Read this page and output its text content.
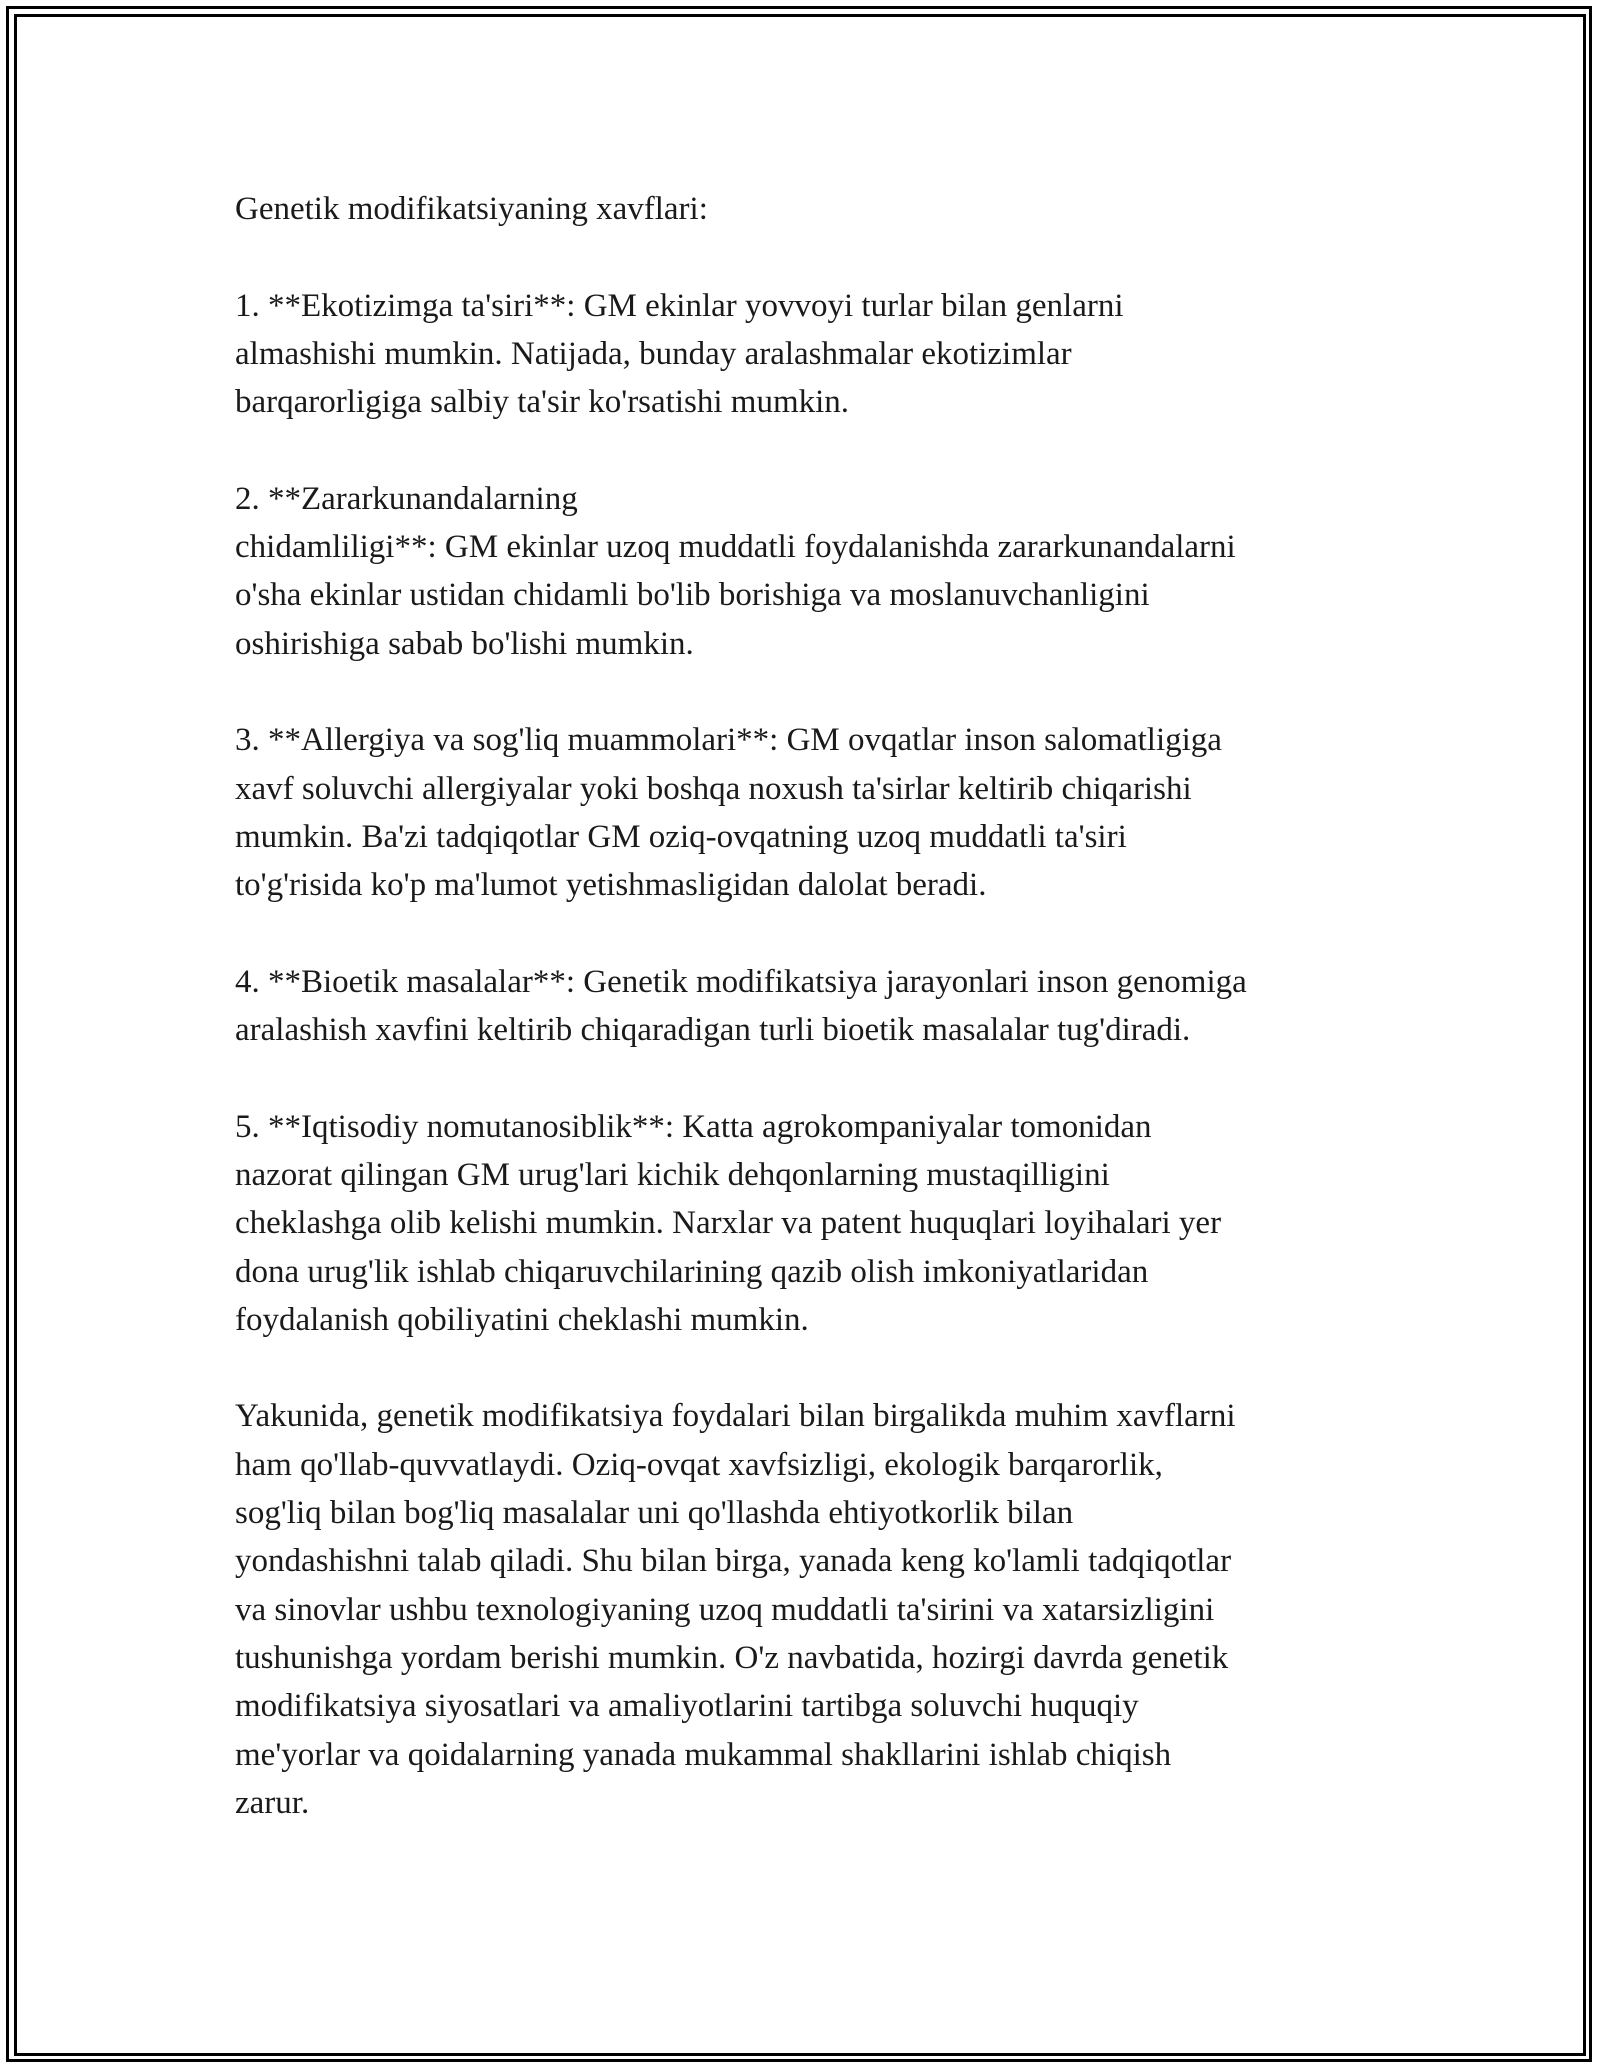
Genetik modifikatsiyaning xavflari:

1. **Ekotizimga ta'siri**: GM ekinlar yovvoyi turlar bilan genlarni
almashishi mumkin. Natijada, bunday aralashmalar ekotizimlar
barqarorligiga salbiy ta'sir ko'rsatishi mumkin.

2. **Zararkunandalarning
chidamliligi**: GM ekinlar uzoq muddatli foydalanishda zararkunandalarni
o'sha ekinlar ustidan chidamli bo'lib borishiga va moslanuvchanligini
oshirishiga sabab bo'lishi mumkin.

3. **Allergiya va sog'liq muammolari**: GM ovqatlar inson salomatligiga
xavf soluvchi allergiyalar yoki boshqa noxush ta'sirlar keltirib chiqarishi
mumkin. Ba'zi tadqiqotlar GM oziq-ovqatning uzoq muddatli ta'siri
to'g'risida ko'p ma'lumot yetishmasligidan dalolat beradi.

4. **Bioetik masalalar**: Genetik modifikatsiya jarayonlari inson genomiga
aralashish xavfini keltirib chiqaradigan turli bioetik masalalar tug'diradi.

5. **Iqtisodiy nomutanosiblik**: Katta agrokompaniyalar tomonidan
nazorat qilingan GM urug'lari kichik dehqonlarning mustaqilligini
cheklashga olib kelishi mumkin. Narxlar va patent huquqlari loyihalari yer
dona urug'lik ishlab chiqaruvchilarining qazib olish imkoniyatlaridan
foydalanish qobiliyatini cheklashi mumkin.

Yakunida, genetik modifikatsiya foydalari bilan birgalikda muhim xavflarni
ham qo'llab-quvvatlaydi. Oziq-ovqat xavfsizligi, ekologik barqarorlik,
sog'liq bilan bog'liq masalalar uni qo'llashda ehtiyotkorlik bilan
yondashishni talab qiladi. Shu bilan birga, yanada keng ko'lamli tadqiqotlar
va sinovlar ushbu texnologiyaning uzoq muddatli ta'sirini va xatarsizligini
tushunishga yordam berishi mumkin. O'z navbatida, hozirgi davrda genetik
modifikatsiya siyosatlari va amaliyotlarini tartibga soluvchi huquqiy
me'yorlar va qoidalarning yanada mukammal shakllarini ishlab chiqish
zarur.
